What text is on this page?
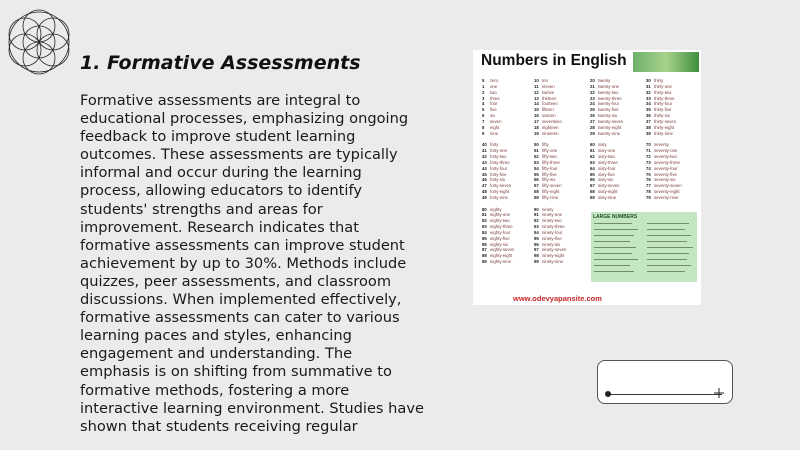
1. Formative Assessments
Formative assessments are integral to educational processes, emphasizing ongoing feedback to improve student learning outcomes. These assessments are typically informal and occur during the learning process, allowing educators to identify students' strengths and areas for improvement. Research indicates that formative assessments can improve student achievement by up to 30%. Methods include quizzes, peer assessments, and classroom discussions. When implemented effectively, formative assessments can cater to various learning paces and styles, enhancing engagement and understanding. The emphasis is on shifting from summative to formative methods, fostering a more interactive learning environment. Studies have shown that students receiving regular
Numbers in English
5 zero
1 one
2 two
3 three
4 four
5 five
6 six
7 seven
8 eight
9 nine

40 forty
41 forty-one
42 forty-two
43 forty-three
44 forty-four
45 forty-five
46 forty-six
47 forty-seven
48 forty-eight
49 forty-nine

80 eighty
81 eighty-one
82 eighty-two
83 eighty-three
84 eighty-four
85 eighty-five
86 eighty-six
87 eighty-seven
88 eighty-eight
89 eighty-nine
10 ten
11 eleven
12 twelve
13 thirteen
14 fourteen
15 fifteen
16 sixteen
17 seventeen
18 eighteen
19 nineteen

50 fifty
51 fifty-one
52 fifty-two
53 fifty-three
54 fifty-four
55 fifty-five
56 fifty-six
57 fifty-seven
58 fifty-eight
59 fifty-nine

90 ninety
91 ninety-one
92 ninety-two
93 ninety-three
94 ninety-four
95 ninety-five
96 ninety-six
97 ninety-seven
98 ninety-eight
99 ninety-nine
20 twenty
21 twenty-one
22 twenty-two
23 twenty-three
24 twenty-four
25 twenty-five
26 twenty-six
27 twenty-seven
28 twenty-eight
29 twenty-nine

60 sixty
61 sixty-one
62 sixty-two
63 sixty-three
64 sixty-four
65 sixty-five
66 sixty-six
67 sixty-seven
68 sixty-eight
69 sixty-nine
30 thirty
31 thirty-one
32 thirty-two
33 thirty-three
34 thirty-four
35 thirty-five
36 thirty-six
37 thirty-seven
38 thirty-eight
39 thirty-nine

70 seventy
71 seventy-one
72 seventy-two
73 seventy-three
74 seventy-four
75 seventy-five
76 seventy-six
77 seventy-seven
78 seventy-eight
79 seventy-nine
LARGE NUMBERS
www.odevyapansite.com
